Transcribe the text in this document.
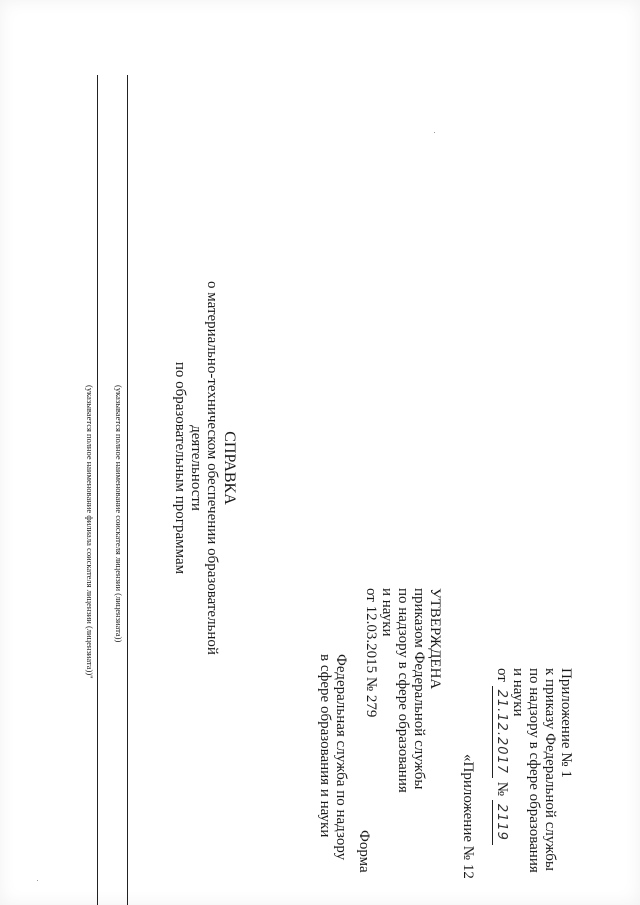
Приложение № 1
к приказу Федеральной службы
по надзору в сфере образования
и науки
от 21.12.2017 № 2119
«Приложение № 12
УТВЕРЖДЕНА
приказом Федеральной службы
по надзору в сфере образования
и науки
от 12.03.2015 № 279
Форма
Федеральная служба по надзору
в сфере образования и науки
СПРАВКА
о материально-техническом обеспечении образовательной деятельности
по образовательным программам
(указывается полное наименование соискателя лицензии (лицензиата))
(указывается полное наименование филиала соискателя лицензии (лицензиата))"
